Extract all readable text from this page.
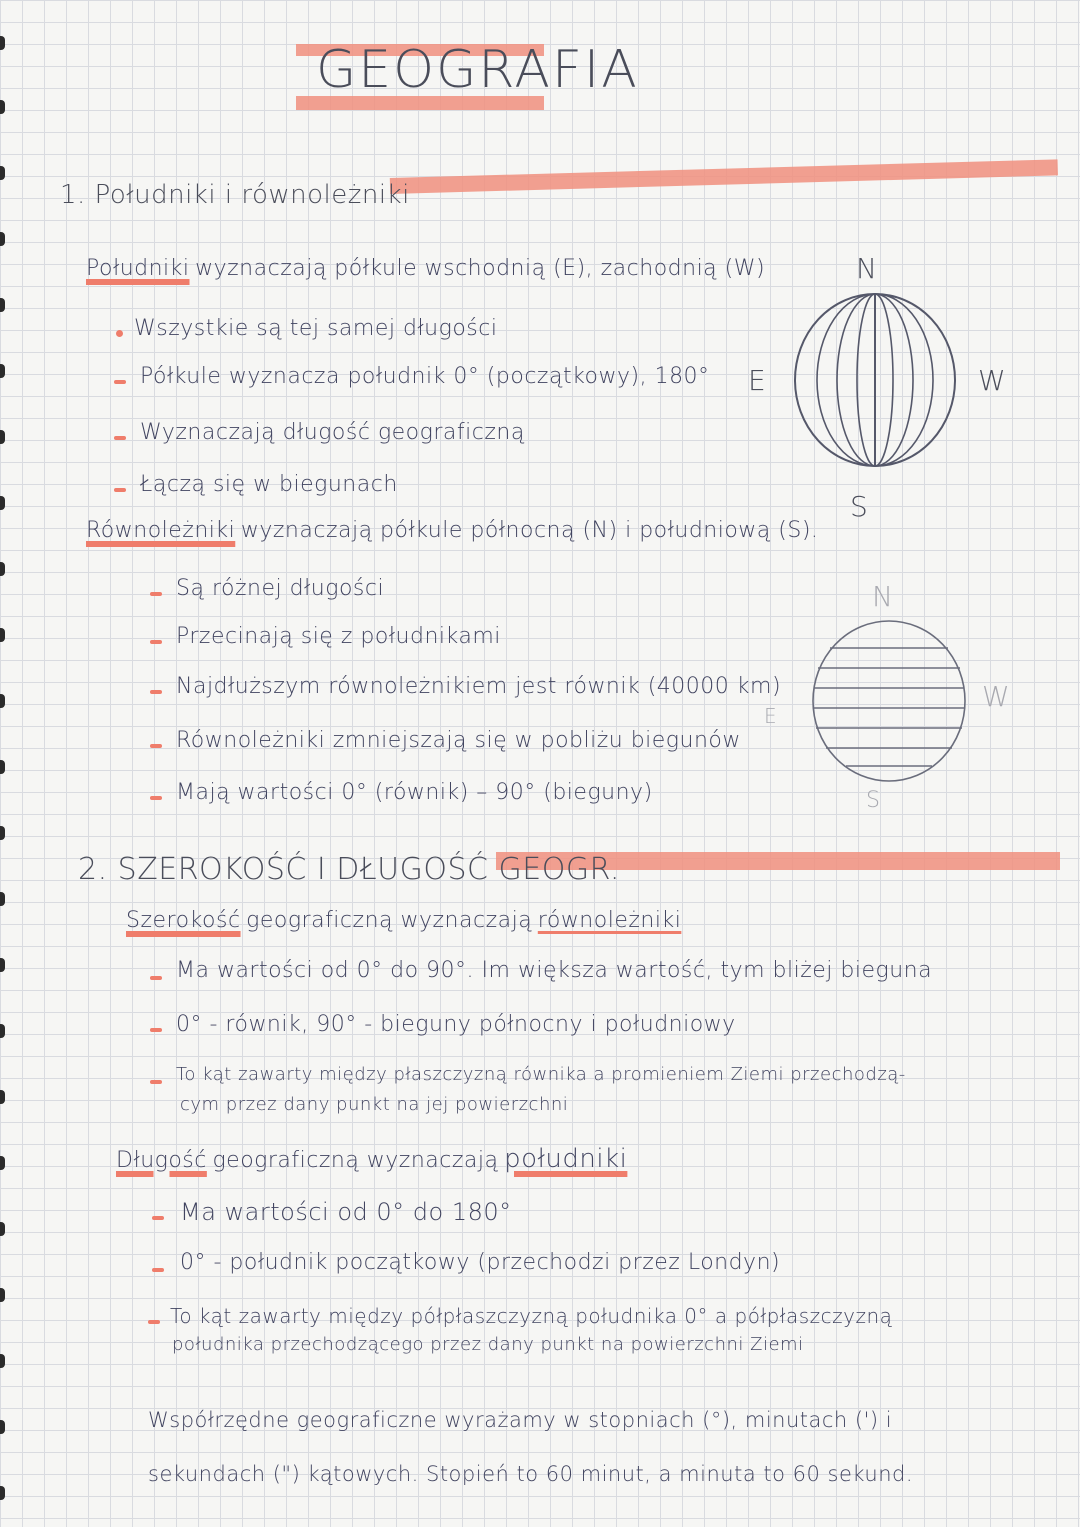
GEOGRAFIA
1. Południki i równoleżniki
Południki wyznaczają półkule wschodnią (E), zachodnią (W)
Wszystkie są tej samej długości
Półkule wyznacza południk 0° (początkowy), 180°
Wyznaczają długość geograficzną
Łączą się w biegunach
N
E	W
S
Równoleżniki wyznaczają półkule północną (N) i południową (S).
Są różnej długości
Przecinają się z południkami
Najdłuższym równoleżnikiem jest równik (40000 km)
Równoleżniki zmniejszają się w pobliżu biegunów
Mają wartości 0° (równik) – 90° (bieguny)
N
E
W
S
2. SZEROKOŚĆ I DŁUGOŚĆ GEOGR.
Szerokość geograficzną wyznaczają równoleżniki
Ma wartości od 0° do 90°. Im większa wartość, tym bliżej bieguna
0° - równik, 90° - bieguny północny i południowy
To kąt zawarty między płaszczyzną równika a promieniem Ziemi przechodzą-
cym przez dany punkt na jej powierzchni
Długość geograficzną wyznaczają południki
Ma wartości od 0° do 180°
0° - południk początkowy (przechodzi przez Londyn)
To kąt zawarty między półpłaszczyzną południka 0° a półpłaszczyzną
południka przechodzącego przez dany punkt na powierzchni Ziemi
Współrzędne geograficzne wyrażamy w stopniach (°), minutach (') i
sekundach (") kątowych. Stopień to 60 minut, a minuta to 60 sekund.
